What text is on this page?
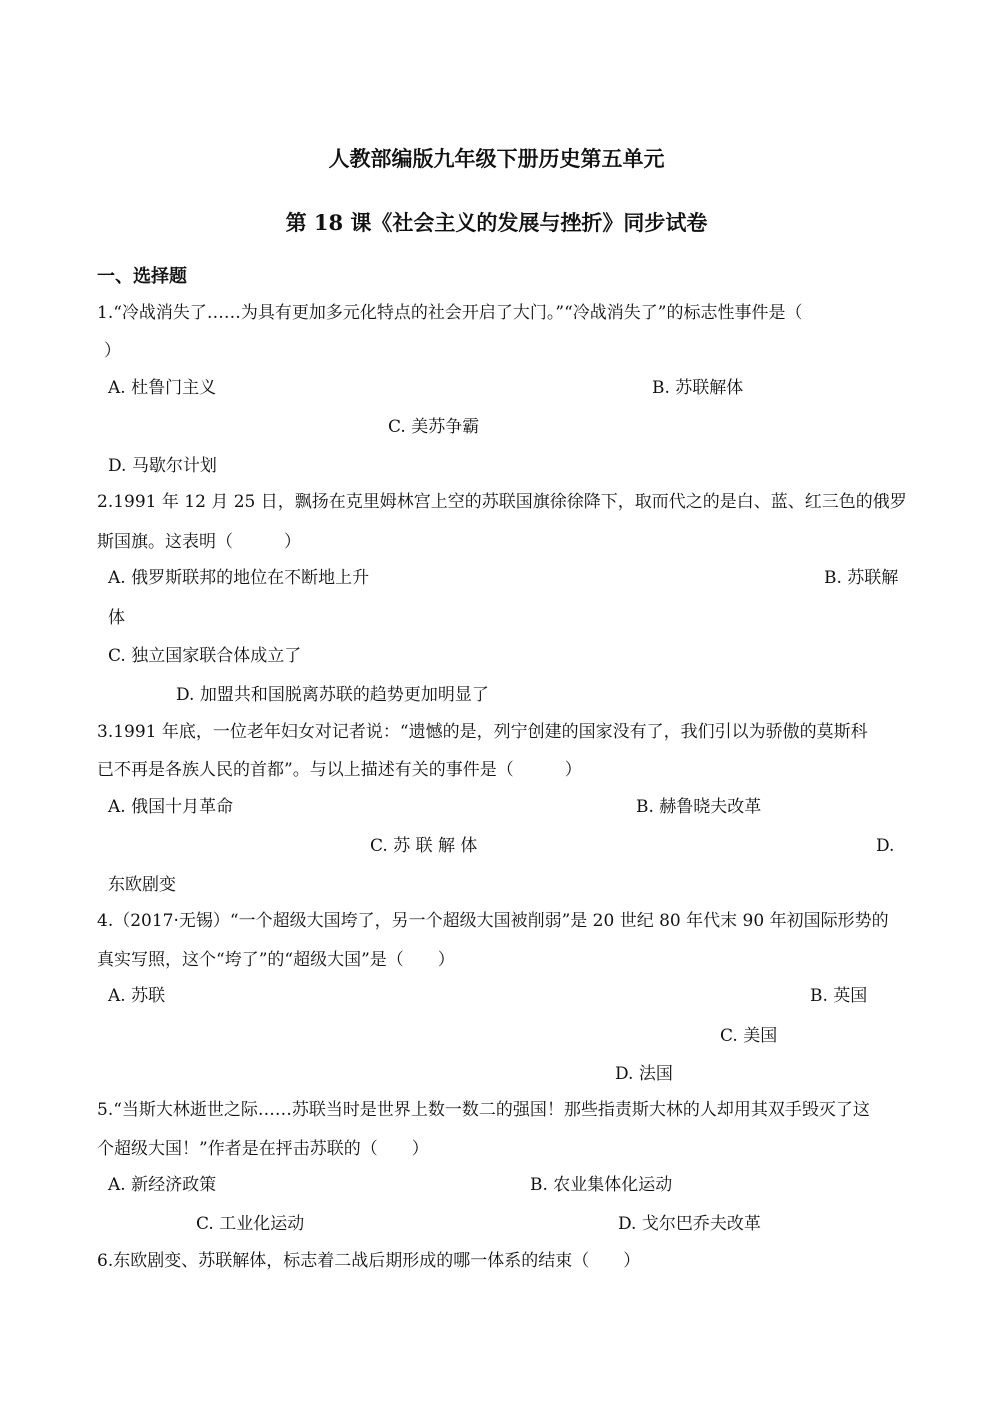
人教部编版九年级下册历史第五单元
第 18 课《社会主义的发展与挫折》同步试卷
一、选择题
1.“冷战消失了……为具有更加多元化特点的社会开启了大门。”“冷战消失了”的标志性事件是（
）
A. 杜鲁门主义	B. 苏联解体
C. 美苏争霸
D. 马歇尔计划
2.1991 年 12 月 25 日，飘扬在克里姆林宫上空的苏联国旗徐徐降下，取而代之的是白、蓝、红三色的俄罗
斯国旗。这表明（　　　）
A. 俄罗斯联邦的地位在不断地上升	B. 苏联解
体
C. 独立国家联合体成立了
D. 加盟共和国脱离苏联的趋势更加明显了
3.1991 年底，一位老年妇女对记者说：“遗憾的是，列宁创建的国家没有了，我们引以为骄傲的莫斯科
已不再是各族人民的首都”。与以上描述有关的事件是（　　　）
A. 俄国十月革命	B. 赫鲁晓夫改革
C. 苏 联 解 体	D.
东欧剧变
4.（2017·无锡）“一个超级大国垮了，另一个超级大国被削弱”是 20 世纪 80 年代末 90 年初国际形势的
真实写照，这个“垮了”的“超级大国”是（　　）
A. 苏联	B. 英国
C. 美国
D. 法国
5.“当斯大林逝世之际……苏联当时是世界上数一数二的强国！那些指责斯大林的人却用其双手毁灭了这
个超级大国！”作者是在抨击苏联的（　　）
A. 新经济政策	B. 农业集体化运动
C. 工业化运动	D. 戈尔巴乔夫改革
6.东欧剧变、苏联解体，标志着二战后期形成的哪一体系的结束（　　）
